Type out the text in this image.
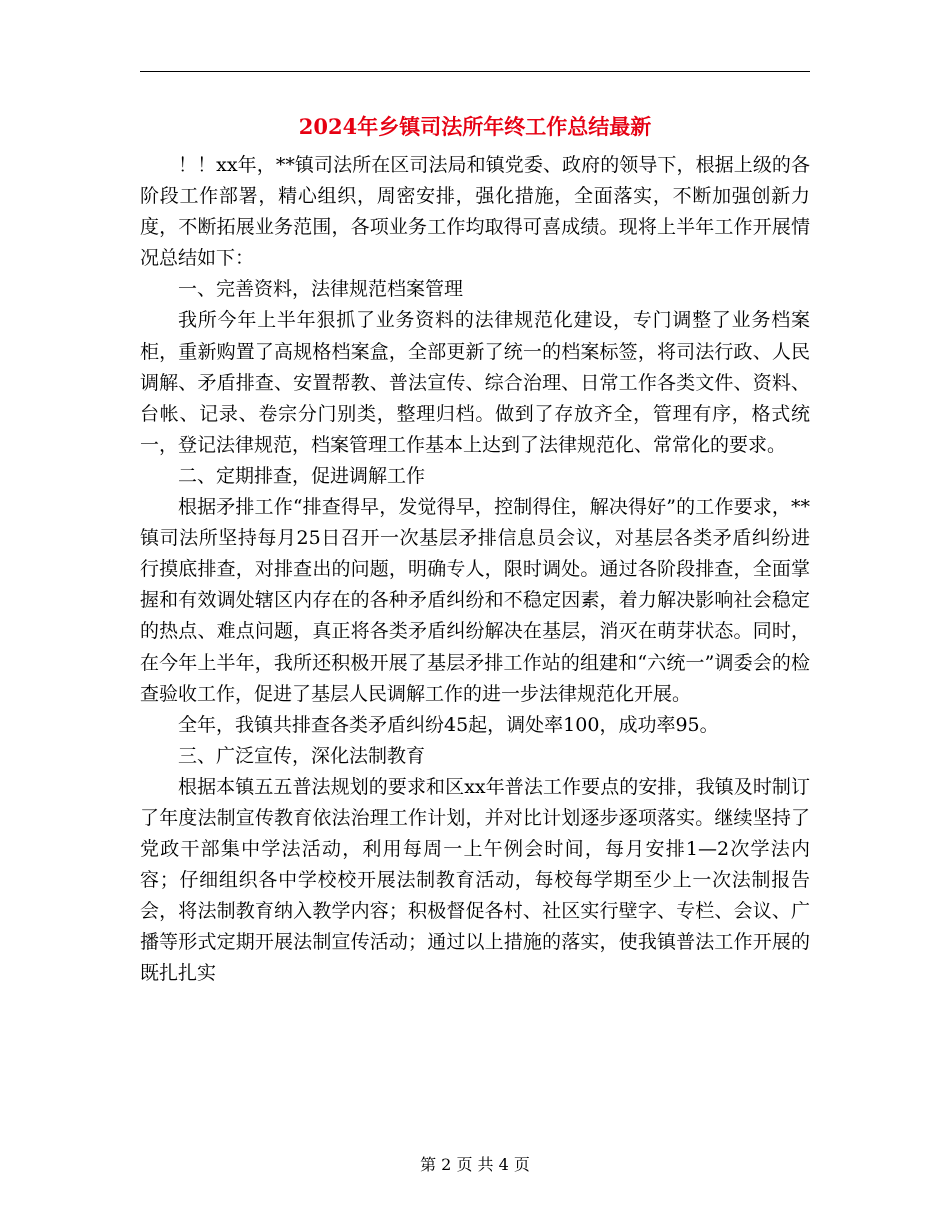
2024年乡镇司法所年终工作总结最新

！！xx年，**镇司法所在区司法局和镇党委、政府的领导下，根据上级的各阶段工作部署，精心组织，周密安排，强化措施，全面落实，不断加强创新力度，不断拓展业务范围，各项业务工作均取得可喜成绩。现将上半年工作开展情况总结如下：

一、完善资料，法律规范档案管理

我所今年上半年狠抓了业务资料的法律规范化建设，专门调整了业务档案柜，重新购置了高规格档案盒，全部更新了统一的档案标签，将司法行政、人民调解、矛盾排查、安置帮教、普法宣传、综合治理、日常工作各类文件、资料、台帐、记录、卷宗分门别类，整理归档。做到了存放齐全，管理有序，格式统一，登记法律规范，档案管理工作基本上达到了法律规范化、常常化的要求。

二、定期排查，促进调解工作

根据矛排工作“排查得早，发觉得早，控制得住，解决得好”的工作要求，**镇司法所坚持每月25日召开一次基层矛排信息员会议，对基层各类矛盾纠纷进行摸底排查，对排查出的问题，明确专人，限时调处。通过各阶段排查，全面掌握和有效调处辖区内存在的各种矛盾纠纷和不稳定因素，着力解决影响社会稳定的热点、难点问题，真正将各类矛盾纠纷解决在基层，消灭在萌芽状态。同时，在今年上半年，我所还积极开展了基层矛排工作站的组建和“六统一”调委会的检查验收工作，促进了基层人民调解工作的进一步法律规范化开展。

全年，我镇共排查各类矛盾纠纷45起，调处率100，成功率95。

三、广泛宣传，深化法制教育

根据本镇五五普法规划的要求和区xx年普法工作要点的安排，我镇及时制订了年度法制宣传教育依法治理工作计划，并对比计划逐步逐项落实。继续坚持了党政干部集中学法活动，利用每周一上午例会时间，每月安排1—2次学法内容；仔细组织各中学校校开展法制教育活动，每校每学期至少上一次法制报告会，将法制教育纳入教学内容；积极督促各村、社区实行壁字、专栏、会议、广播等形式定期开展法制宣传活动；通过以上措施的落实，使我镇普法工作开展的既扎扎实

第 2 页 共 4 页
